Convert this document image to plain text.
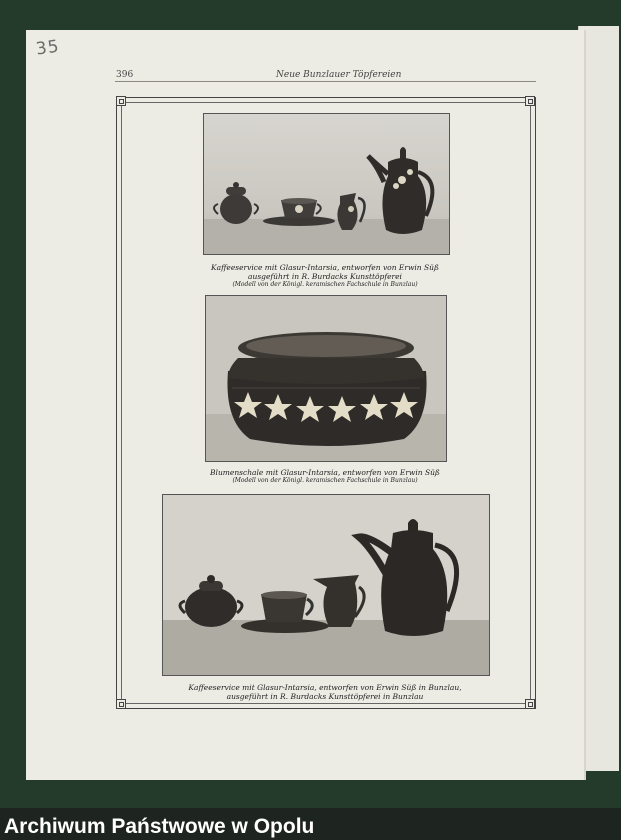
35
396	Neue Bunzlauer Töpfereien
Kaffeeservice mit Glasur-Intarsia, entworfen von Erwin Süß
ausgeführt in R. Burdacks Kunsttöpferei
(Modell von der Königl. keramischen Fachschule in Bunzlau)
Blumenschale mit Glasur-Intarsia, entworfen von Erwin Süß
(Modell von der Königl. keramischen Fachschule in Bunzlau)
Kaffeeservice mit Glasur-Intarsia, entworfen von Erwin Süß in Bunzlau,
ausgeführt in R. Burdacks Kunsttöpferei in Bunzlau
Archiwum Państwowe w Opolu
